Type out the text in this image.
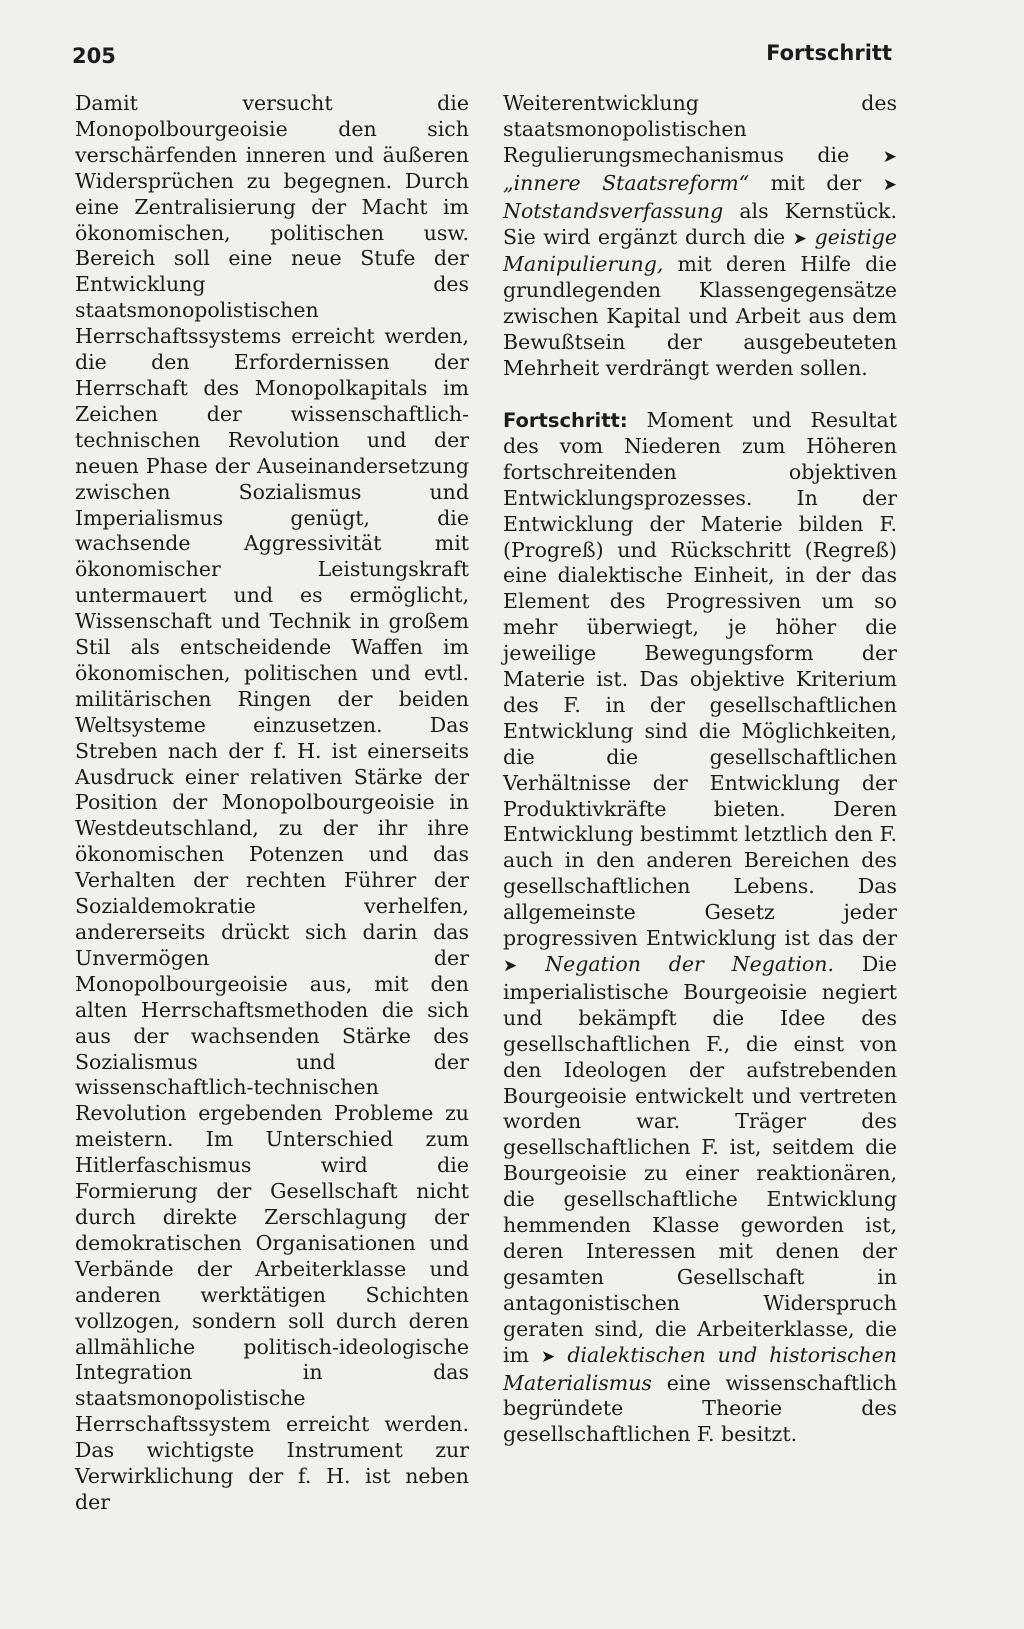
205	Fortschritt

Damit versucht die Monopolbourgeoisie den sich verschärfenden inneren und äußeren Widersprüchen zu begegnen. Durch eine Zentralisierung der Macht im ökonomischen, politischen usw. Bereich soll eine neue Stufe der Entwicklung des staatsmonopolistischen Herrschaftssystems erreicht werden, die den Erfordernissen der Herrschaft des Monopolkapitals im Zeichen der wissenschaftlich-technischen Revolution und der neuen Phase der Auseinandersetzung zwischen Sozialismus und Imperialismus genügt, die wachsende Aggressivität mit ökonomischer Leistungskraft untermauert und es ermöglicht, Wissenschaft und Technik in großem Stil als entscheidende Waffen im ökonomischen, politischen und evtl. militärischen Ringen der beiden Weltsysteme einzusetzen. Das Streben nach der f. H. ist einerseits Ausdruck einer relativen Stärke der Position der Monopolbourgeoisie in Westdeutschland, zu der ihr ihre ökonomischen Potenzen und das Verhalten der rechten Führer der Sozialdemokratie verhelfen, andererseits drückt sich darin das Unvermögen der Monopolbourgeoisie aus, mit den alten Herrschaftsmethoden die sich aus der wachsenden Stärke des Sozialismus und der wissenschaftlich-technischen Revolution ergebenden Probleme zu meistern. Im Unterschied zum Hitlerfaschismus wird die Formierung der Gesellschaft nicht durch direkte Zerschlagung der demokratischen Organisationen und Verbände der Arbeiterklasse und anderen werktätigen Schichten vollzogen, sondern soll durch deren allmähliche politisch-ideologische Integration in das staatsmonopolistische Herrschaftssystem erreicht werden. Das wichtigste Instrument zur Verwirklichung der f. H. ist neben der

Weiterentwicklung des staatsmonopolistischen Regulierungsmechanismus die ➤ „innere Staatsreform“ mit der ➤ Notstandsverfassung als Kernstück. Sie wird ergänzt durch die ➤ geistige Manipulierung, mit deren Hilfe die grundlegenden Klassengegensätze zwischen Kapital und Arbeit aus dem Bewußtsein der ausgebeuteten Mehrheit verdrängt werden sollen.

Fortschritt: Moment und Resultat des vom Niederen zum Höheren fortschreitenden objektiven Entwicklungsprozesses. In der Entwicklung der Materie bilden F. (Progreß) und Rückschritt (Regreß) eine dialektische Einheit, in der das Element des Progressiven um so mehr überwiegt, je höher die jeweilige Bewegungsform der Materie ist. Das objektive Kriterium des F. in der gesellschaftlichen Entwicklung sind die Möglichkeiten, die die gesellschaftlichen Verhältnisse der Entwicklung der Produktivkräfte bieten. Deren Entwicklung bestimmt letztlich den F. auch in den anderen Bereichen des gesellschaftlichen Lebens. Das allgemeinste Gesetz jeder progressiven Entwicklung ist das der ➤ Negation der Negation. Die imperialistische Bourgeoisie negiert und bekämpft die Idee des gesellschaftlichen F., die einst von den Ideologen der aufstrebenden Bourgeoisie entwickelt und vertreten worden war. Träger des gesellschaftlichen F. ist, seitdem die Bourgeoisie zu einer reaktionären, die gesellschaftliche Entwicklung hemmenden Klasse geworden ist, deren Interessen mit denen der gesamten Gesellschaft in antagonistischen Widerspruch geraten sind, die Arbeiterklasse, die im ➤ dialektischen und historischen Materialismus eine wissenschaftlich begründete Theorie des gesellschaftlichen F. besitzt.
